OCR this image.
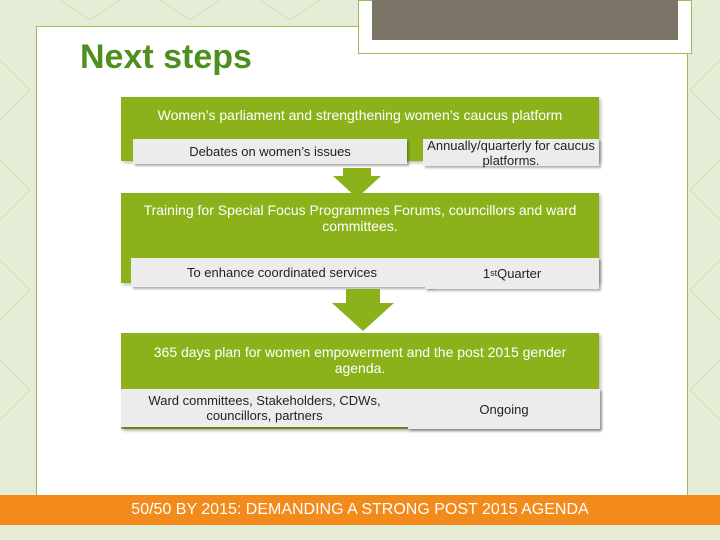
Next steps
Women’s parliament and strengthening women’s caucus platform
Debates on women’s issues	Annually/quarterly for caucus platforms.
Training for Special Focus Programmes Forums, councillors and ward committees.
To enhance coordinated services	1 st Quarter
365 days plan for women empowerment and the post 2015 gender agenda.
Ward committees, Stakeholders, CDWs, councillors, partners	Ongoing
50/50 BY 2015: DEMANDING A STRONG POST 2015 AGENDA
